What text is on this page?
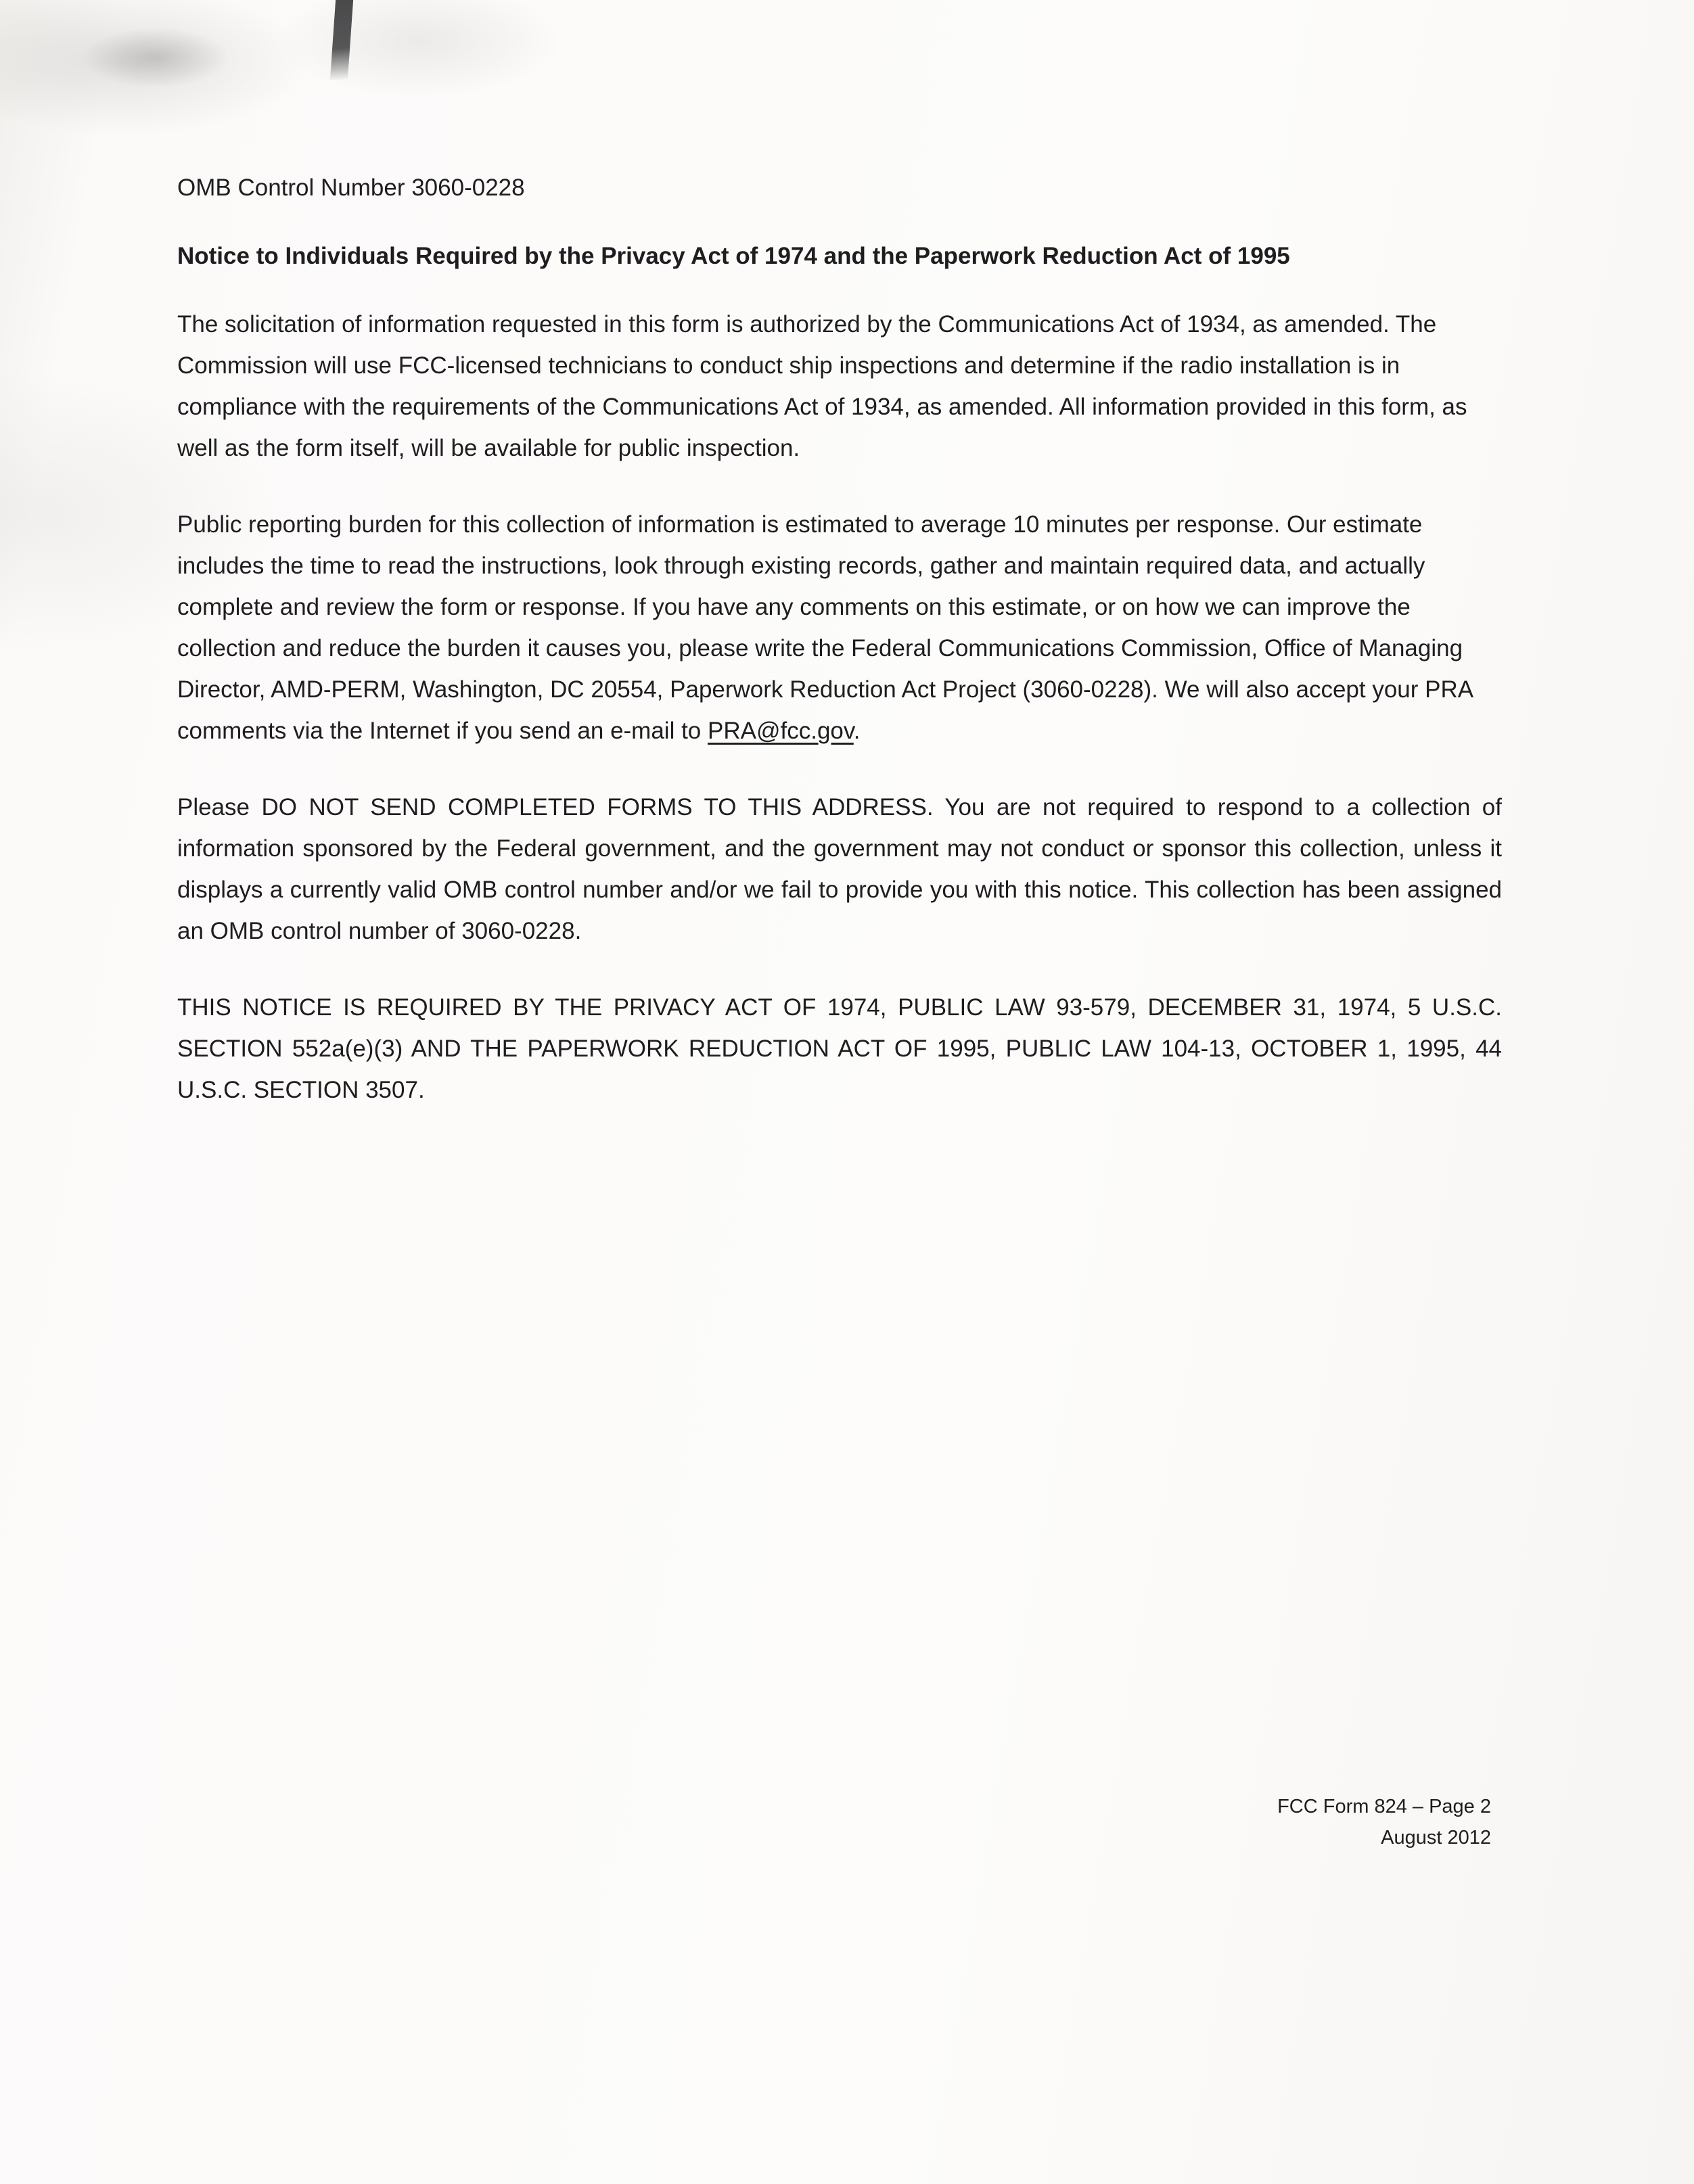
OMB Control Number 3060-0228

Notice to Individuals Required by the Privacy Act of 1974 and the Paperwork Reduction Act of 1995

The solicitation of information requested in this form is authorized by the Communications Act of 1934, as amended. The Commission will use FCC-licensed technicians to conduct ship inspections and determine if the radio installation is in compliance with the requirements of the Communications Act of 1934, as amended. All information provided in this form, as well as the form itself, will be available for public inspection.

Public reporting burden for this collection of information is estimated to average 10 minutes per response. Our estimate includes the time to read the instructions, look through existing records, gather and maintain required data, and actually complete and review the form or response. If you have any comments on this estimate, or on how we can improve the collection and reduce the burden it causes you, please write the Federal Communications Commission, Office of Managing Director, AMD-PERM, Washington, DC 20554, Paperwork Reduction Act Project (3060-0228). We will also accept your PRA comments via the Internet if you send an e-mail to PRA@fcc.gov.

Please DO NOT SEND COMPLETED FORMS TO THIS ADDRESS. You are not required to respond to a collection of information sponsored by the Federal government, and the government may not conduct or sponsor this collection, unless it displays a currently valid OMB control number and/or we fail to provide you with this notice. This collection has been assigned an OMB control number of 3060-0228.

THIS NOTICE IS REQUIRED BY THE PRIVACY ACT OF 1974, PUBLIC LAW 93-579, DECEMBER 31, 1974, 5 U.S.C. SECTION 552a(e)(3) AND THE PAPERWORK REDUCTION ACT OF 1995, PUBLIC LAW 104-13, OCTOBER 1, 1995, 44 U.S.C. SECTION 3507.

FCC Form 824 – Page 2
August 2012
